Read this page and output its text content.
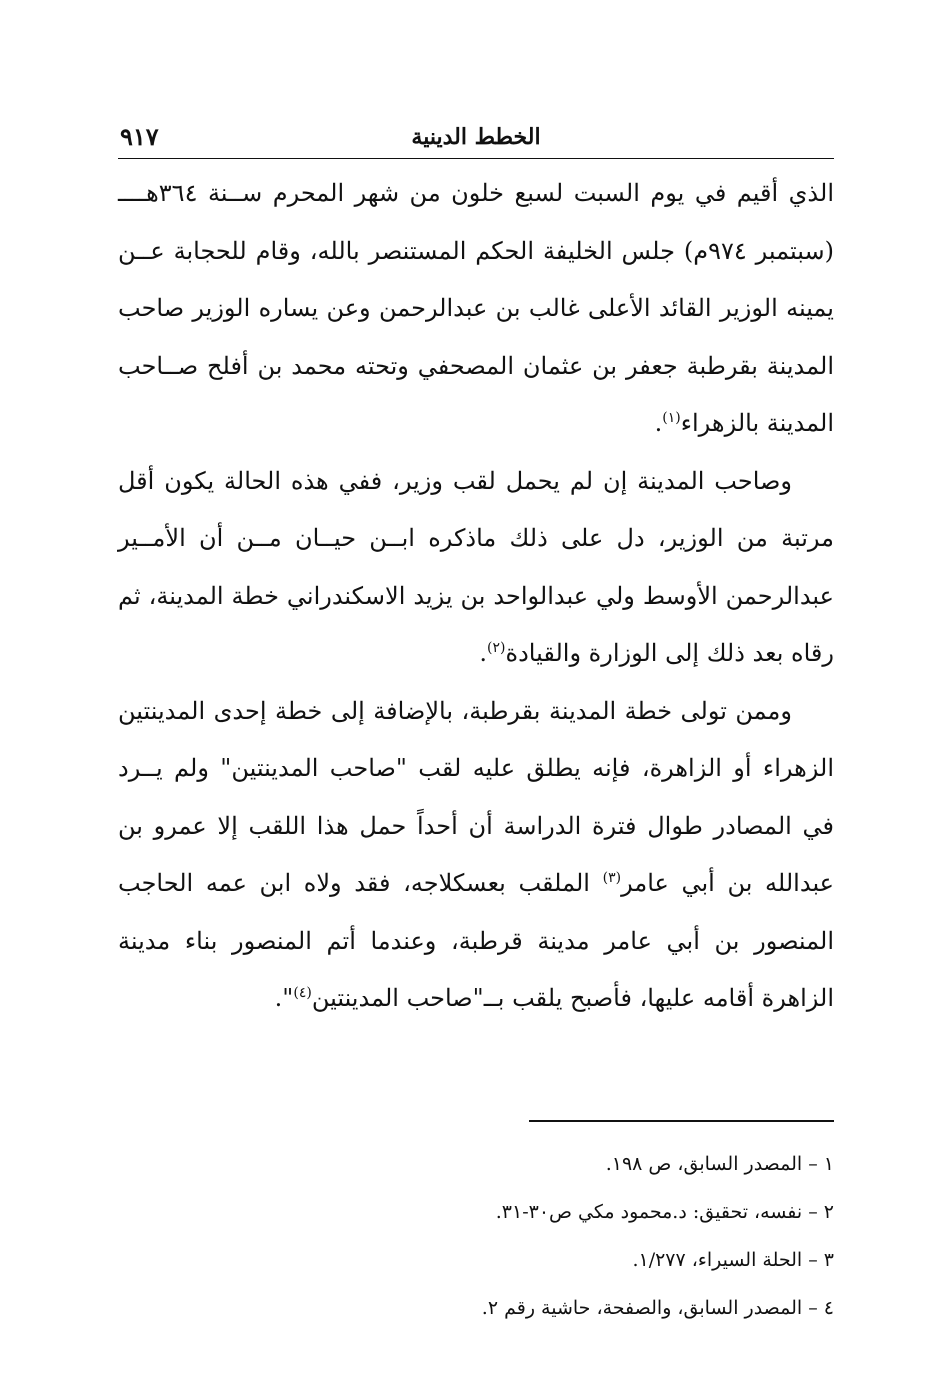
٩١٧	الخطط الدينية

الذي أقيم في يوم السبت لسبع خلون من شهر المحرم ســنة ٣٦٤هــــ (سبتمبر ٩٧٤م) جلس الخليفة الحكم المستنصر بالله، وقام للحجابة عــن يمينه الوزير القائد الأعلى غالب بن عبدالرحمن وعن يساره الوزير صاحب المدينة بقرطبة جعفر بن عثمان المصحفي وتحته محمد بن أفلح صــاحب المدينة بالزهراء$^{(١)}$.

وصاحب المدينة إن لم يحمل لقب وزير، ففي هذه الحالة يكون أقل مرتبة من الوزير، دل على ذلك ماذكره ابــن حيــان مــن أن الأمــير عبدالرحمن الأوسط ولي عبدالواحد بن يزيد الاسكندراني خطة المدينة، ثم رقاه بعد ذلك إلى الوزارة والقيادة$^{(٢)}$.

وممن تولى خطة المدينة بقرطبة، بالإضافة إلى خطة إحدى المدينتين الزهراء أو الزاهرة، فإنه يطلق عليه لقب "صاحب المدينتين" ولم يــرد في المصادر طوال فترة الدراسة أن أحداً حمل هذا اللقب إلا عمرو بن عبدالله بن أبي عامر$^{(٣)}$ الملقب بعسكلاجه، فقد ولاه ابن عمه الحاجب المنصور بن أبي عامر مدينة قرطبة، وعندما أتم المنصور بناء مدينة الزاهرة أقامه عليها، فأصبح يلقب بــ"صاحب المدينتين$^{(٤)}$".

١ – المصدر السابق، ص ١٩٨.

٢ – نفسه، تحقيق: د.محمود مكي ص٣٠-٣١.

٣ – الحلة السيراء، ١/٢٧٧.

٤ – المصدر السابق، والصفحة، حاشية رقم ٢.
